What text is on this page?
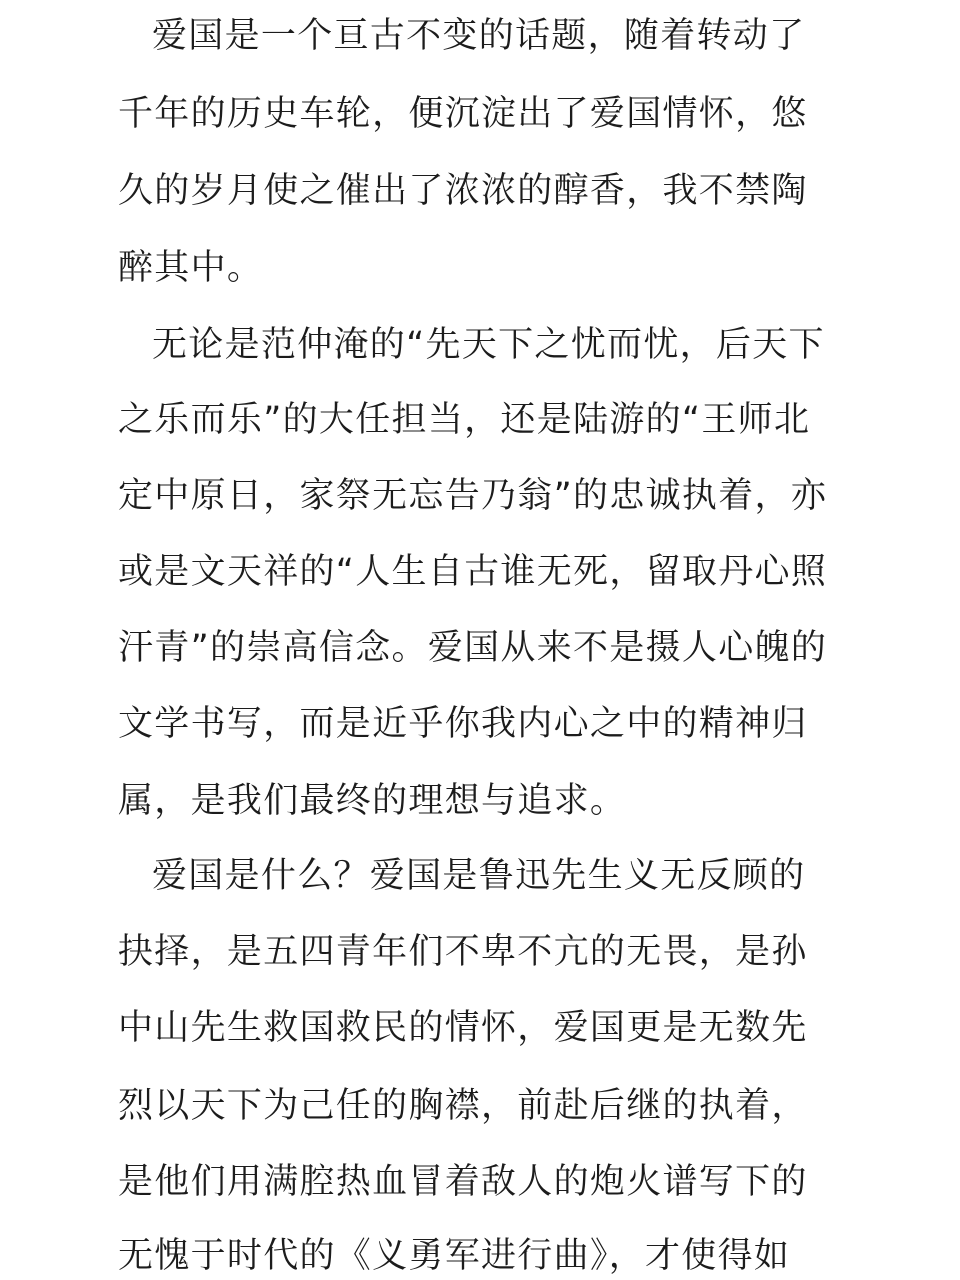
爱国是一个亘古不变的话题，随着转动了
千年的历史车轮，便沉淀出了爱国情怀，悠
久的岁月使之催出了浓浓的醇香，我不禁陶
醉其中。
无论是范仲淹的“先天下之忧而忧，后天下
之乐而乐”的大任担当，还是陆游的“王师北
定中原日，家祭无忘告乃翁”的忠诚执着，亦
或是文天祥的“人生自古谁无死，留取丹心照
汗青”的崇高信念。爱国从来不是摄人心魄的
文学书写，而是近乎你我内心之中的精神归
属，是我们最终的理想与追求。
爱国是什么？爱国是鲁迅先生义无反顾的
抉择，是五四青年们不卑不亢的无畏，是孙
中山先生救国救民的情怀，爱国更是无数先
烈以天下为己任的胸襟，前赴后继的执着，
是他们用满腔热血冒着敌人的炮火谱写下的
无愧于时代的《义勇军进行曲》，才使得如
